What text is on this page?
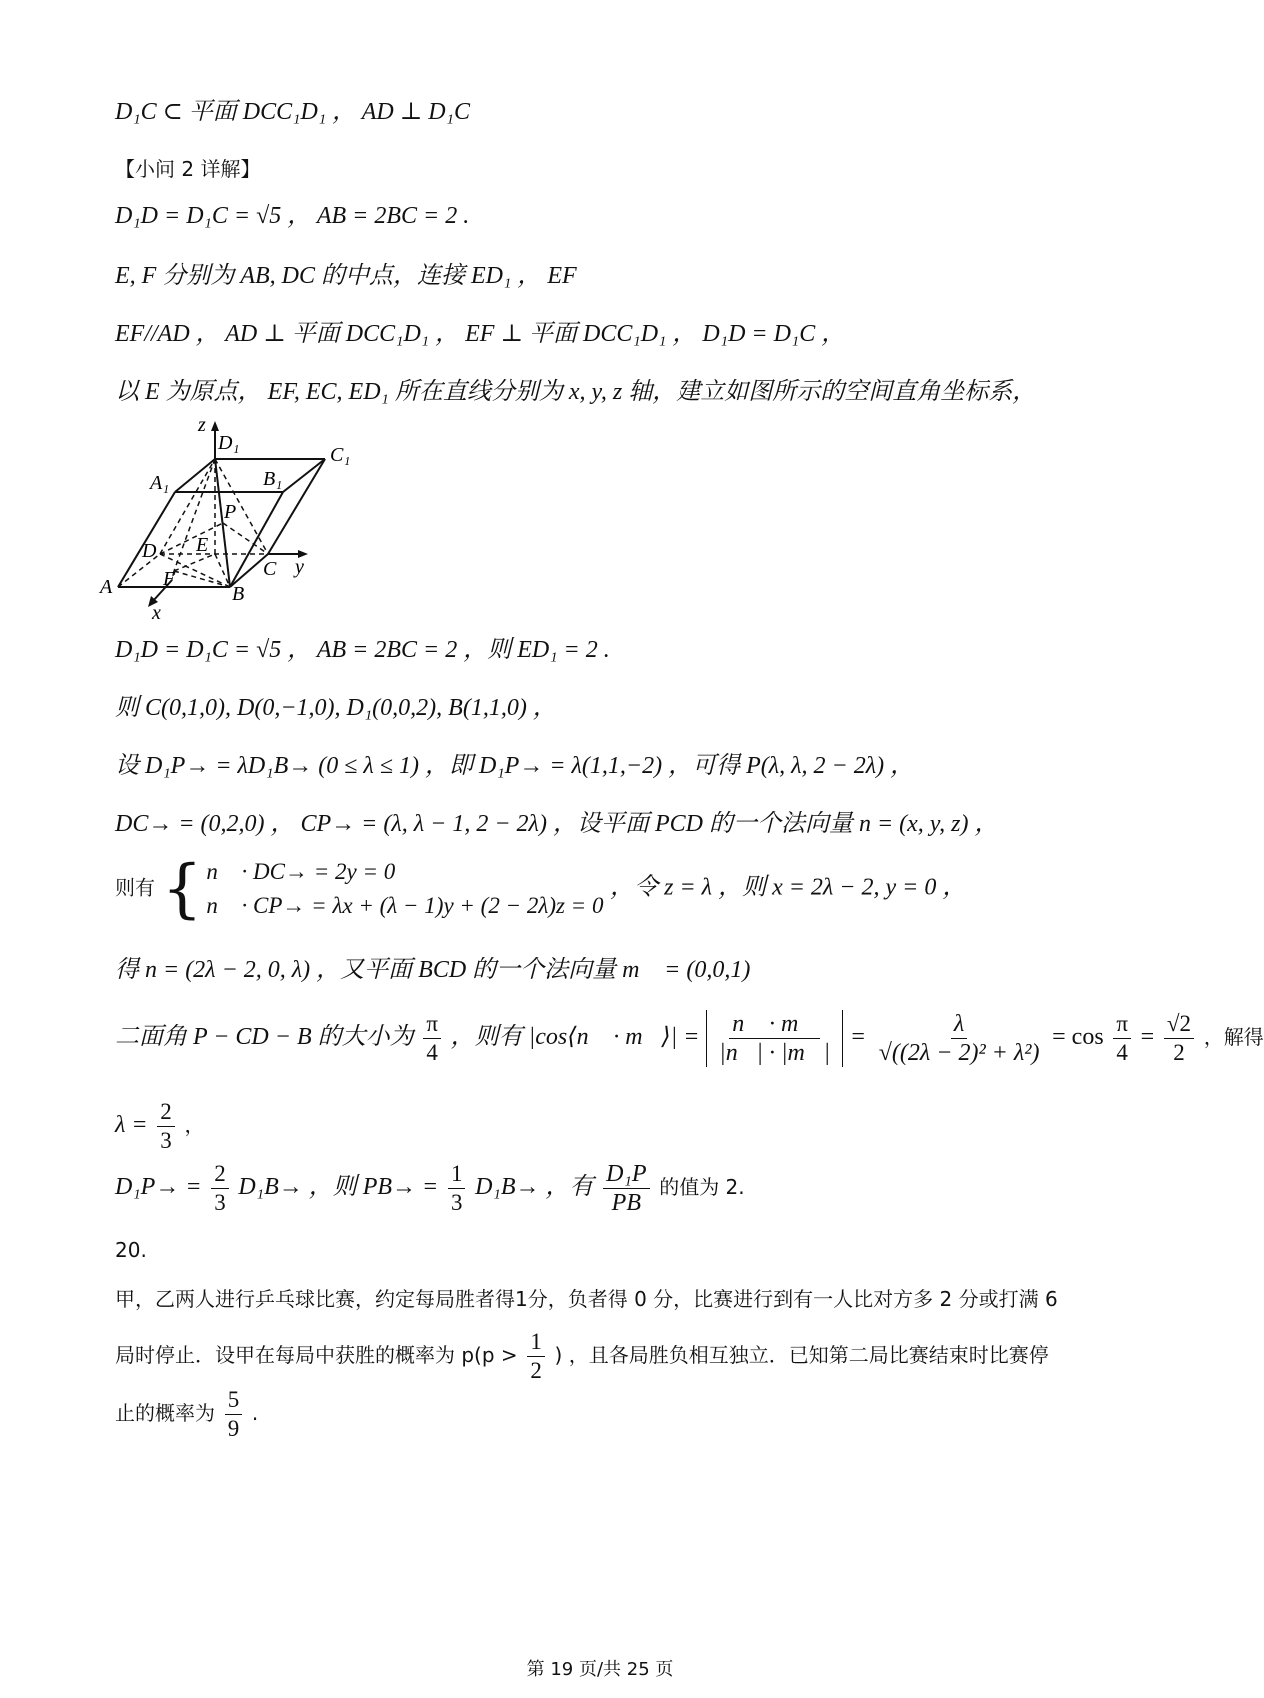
D₁C ⊂ 平面 DCC₁D₁ ， AD ⊥ D₁C
【小问 2 详解】
D₁D = D₁C = √5 ， AB = 2BC = 2 .
E, F 分别为 AB, DC 的中点，连接 ED₁ ， EF
EF//AD ， AD ⊥ 平面 DCC₁D₁ ， EF ⊥ 平面 DCC₁D₁ ， D₁D = D₁C ，
以 E 为原点， EF, EC, ED₁ 所在直线分别为 x, y, z 轴，建立如图所示的空间直角坐标系，
z
D₁
C₁
A₁	B₁
P
D E
C y
A	F
B
x
D₁D = D₁C = √5 ， AB = 2BC = 2 ，则 ED₁ = 2 .
则 C(0,1,0), D(0,−1,0), D₁(0,0,2), B(1,1,0) ，
设 D₁P→ = λD₁B→ (0 ≤ λ ≤ 1) ，即 D₁P→ = λ(1,1,−2) ，可得 P(λ, λ, 2 − 2λ) ，
DC→ = (0,2,0) ， CP→ = (λ, λ − 1, 2 − 2λ) ，设平面 PCD 的一个法向量 n = (x, y, z) ，
则有 { n⃗ · DC→ = 2y = 0
n⃗ · CP→ = λx + (λ − 1)y + (2 − 2λ)z = 0
，令 z = λ ，则 x = 2λ − 2, y = 0 ，
得 n = (2λ − 2, 0, λ) ，又平面 BCD 的一个法向量 m⃗ = (0,0,1) ，
二面角 P − CD − B 的大小为 $\frac{\pi}{4}$ ，则有 |cos⟨n⃗ · m⃗⟩| = $\frac{n⃗ \cdot m⃗}{|n⃗| \cdot |m⃗|} = \frac{\lambda}{\text{√((2λ − 2)² + λ²)}} = \cos \frac{\pi}{4} = \frac{√2}{2}$ ，解得
$\lambda = \frac{2}{3}$ ，
$D_1P\to = \frac{2}{3} D_1B\to$ ，则 $PB\to = \frac{1}{3} D_1B\to$ ，有 $\frac{\text{D₁P}}{PB}$ 的值为 2.
20.
甲，乙两人进行乒乓球比赛，约定每局胜者得1分，负者得 0 分，比赛进行到有一人比对方多 2 分或打满 6
局时停止．设甲在每局中获胜的概率为 $p(p > \frac{1}{2}$ ) ，且各局胜负相互独立．已知第二局比赛结束时比赛停
止的概率为 $\frac{5}{9}$ .
第 19 页/共 25 页
